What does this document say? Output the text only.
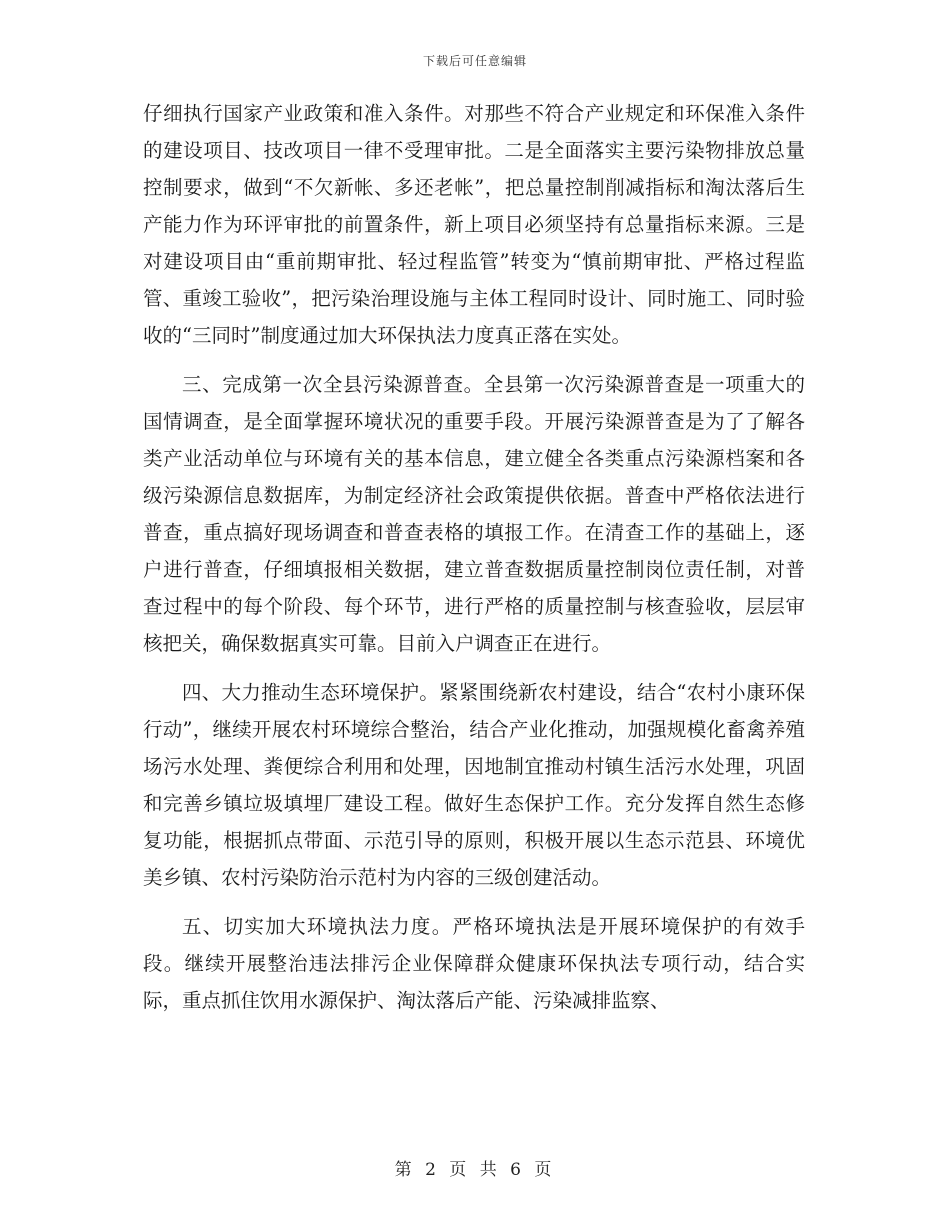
下载后可任意编辑

仔细执行国家产业政策和准入条件。对那些不符合产业规定和环保准入条件的建设项目、技改项目一律不受理审批。二是全面落实主要污染物排放总量控制要求，做到“不欠新帐、多还老帐”，把总量控制削减指标和淘汰落后生产能力作为环评审批的前置条件，新上项目必须坚持有总量指标来源。三是对建设项目由“重前期审批、轻过程监管”转变为“慎前期审批、严格过程监管、重竣工验收”，把污染治理设施与主体工程同时设计、同时施工、同时验收的“三同时”制度通过加大环保执法力度真正落在实处。

三、完成第一次全县污染源普查。全县第一次污染源普查是一项重大的国情调查，是全面掌握环境状况的重要手段。开展污染源普查是为了了解各类产业活动单位与环境有关的基本信息，建立健全各类重点污染源档案和各级污染源信息数据库，为制定经济社会政策提供依据。普查中严格依法进行普查，重点搞好现场调查和普查表格的填报工作。在清查工作的基础上，逐户进行普查，仔细填报相关数据，建立普查数据质量控制岗位责任制，对普查过程中的每个阶段、每个环节，进行严格的质量控制与核查验收，层层审核把关，确保数据真实可靠。目前入户调查正在进行。

四、大力推动生态环境保护。紧紧围绕新农村建设，结合“农村小康环保行动”，继续开展农村环境综合整治，结合产业化推动，加强规模化畜禽养殖场污水处理、粪便综合利用和处理，因地制宜推动村镇生活污水处理，巩固和完善乡镇垃圾填埋厂建设工程。做好生态保护工作。充分发挥自然生态修复功能，根据抓点带面、示范引导的原则，积极开展以生态示范县、环境优美乡镇、农村污染防治示范村为内容的三级创建活动。

五、切实加大环境执法力度。严格环境执法是开展环境保护的有效手段。继续开展整治违法排污企业保障群众健康环保执法专项行动，结合实际，重点抓住饮用水源保护、淘汰落后产能、污染减排监察、

第 2 页 共 6 页
